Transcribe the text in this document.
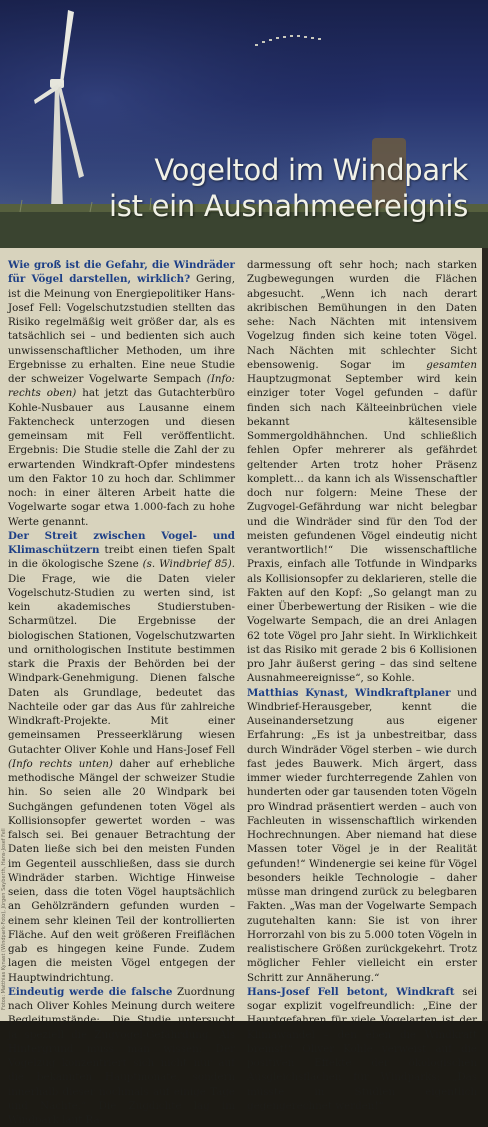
Vogeltod im Windpark
ist ein Ausnahmeereignis

Wie groß ist die Gefahr, die Windräder für Vögel darstellen, wirklich? Gering, ist die Meinung von Energiepolitiker Hans-Josef Fell: Vogelschutzstudien stellten das Risiko regelmäßig weit größer dar, als es tatsächlich sei – und bedienten sich auch unwissenschaftlicher Methoden, um ihre Ergebnisse zu erhalten. Eine neue Studie der schweizer Vogelwarte Sempach (Info: rechts oben) hat jetzt das Gutachterbüro Kohle-Nusbauer aus Lausanne einem Faktencheck unterzogen und diesen gemeinsam mit Fell veröffentlicht. Ergebnis: Die Studie stelle die Zahl der zu erwartenden Windkraft-Opfer mindestens um den Faktor 10 zu hoch dar. Schlimmer noch: in einer älteren Arbeit hatte die Vogelwarte sogar etwa 1.000-fach zu hohe Werte genannt.

Der Streit zwischen Vogel- und Klimaschützern treibt einen tiefen Spalt in die ökologische Szene (s. Windbrief 85). Die Frage, wie die Daten vieler Vogelschutz-Studien zu werten sind, ist kein akademisches Studierstuben-Scharmützel. Die Ergebnisse der biologischen Stationen, Vogelschutzwarten und ornithologischen Institute bestimmen stark die Praxis der Behörden bei der Windpark-Genehmigung. Dienen falsche Daten als Grundlage, bedeutet das Nachteile oder gar das Aus für zahlreiche Windkraft-Projekte. Mit einer gemeinsamen Presseerklärung wiesen Gutachter Oliver Kohle und Hans-Josef Fell (Info rechts unten) daher auf erhebliche methodische Mängel der schweizer Studie hin. So seien alle 20 Windpark bei Suchgängen gefundenen toten Vögel als Kollisionsopfer gewertet worden – was falsch sei. Bei genauer Betrachtung der Daten ließe sich bei den meisten Funden im Gegenteil ausschließen, dass sie durch Windräder starben. Wichtige Hinweise seien, dass die toten Vögel hauptsächlich an Gehölzrändern gefunden wurden – einem sehr kleinen Teil der kontrollierten Fläche. Auf den weit größeren Freiflächen gab es hingegen keine Funde. Zudem lagen die meisten Vögel entgegen der Hauptwindrichtung.

Eindeutig werde die falsche Zuordnung nach Oliver Kohles Meinung durch weitere Begleitumstände: „Die Studie untersucht ja speziell die Zugvogel-Gefährdung. Als Hintergrund muss man wissen: Der Vogelzug konzentriert sich nicht nur auf die bekannten Hauptmonate, sondern innerhalb dieser nochmals auf einige Tage und Nächte.“ Die Zugdichte lag im Windpark laut Ra-

darmessung oft sehr hoch; nach starken Zugbewegungen wurden die Flächen abgesucht. „Wenn ich nach derart akribischen Bemühungen in den Daten sehe: Nach Nächten mit intensivem Vogelzug finden sich keine toten Vögel. Nach Nächten mit schlechter Sicht ebensowenig. Sogar im gesamten Hauptzugmonat September wird kein einziger toter Vogel gefunden – dafür finden sich nach Kälteeinbrüchen viele bekannt kältesensible Sommergoldhähnchen. Und schließlich fehlen Opfer mehrerer als gefährdet geltender Arten trotz hoher Präsenz komplett… da kann ich als Wissenschaftler doch nur folgern: Meine These der Zugvogel-Gefährdung war nicht belegbar und die Windräder sind für den Tod der meisten gefundenen Vögel eindeutig nicht verantwortlich!“ Die wissenschaftliche Praxis, einfach alle Totfunde in Windparks als Kollisionsopfer zu deklarieren, stelle die Fakten auf den Kopf: „So gelangt man zu einer Überbewertung der Risiken – wie die Vogelwarte Sempach, die an drei Anlagen 62 tote Vögel pro Jahr sieht. In Wirklichkeit ist das Risiko mit gerade 2 bis 6 Kollisionen pro Jahr äußerst gering – das sind seltene Ausnahmeereignisse“, so Kohle.

Matthias Kynast, Windkraftplaner und Windbrief-Herausgeber, kennt die Auseinandersetzung aus eigener Erfahrung: „Es ist ja unbestreitbar, dass durch Windräder Vögel sterben – wie durch fast jedes Bauwerk. Mich ärgert, dass immer wieder furchterregende Zahlen von hunderten oder gar tausenden toten Vögeln pro Windrad präsentiert werden – auch von Fachleuten in wissenschaftlich wirkenden Hochrechnungen. Aber niemand hat diese Massen toter Vögel je in der Realität gefunden!“ Windenergie sei keine für Vögel besonders heikle Technologie – daher müsse man dringend zurück zu belegbaren Fakten. „Was man der Vogelwarte Sempach zugutehalten kann: Sie ist von ihrer Horrorzahl von bis zu 5.000 toten Vögeln in realistischere Größen zurückgekehrt. Trotz möglicher Fehler vielleicht ein erster Schritt zur Annäherung.“

Hans-Josef Fell betont, Windkraft sei sogar explizit vogelfreundlich: „Eine der Hauptgefahren für viele Vogelarten ist der Klimawandel – den eben die Windkraft bremst!“ Oliver Kohle verweist auf die positiven Effekte der ökologischen Ausgleichsflächen für Windparks: „Das müsste in Studien eigentlich gegengerechnet werden!“

Fotos: Matthias Kynast (Windpark-Foto), Jürgen Sayberth, Hans-Josef Fell
